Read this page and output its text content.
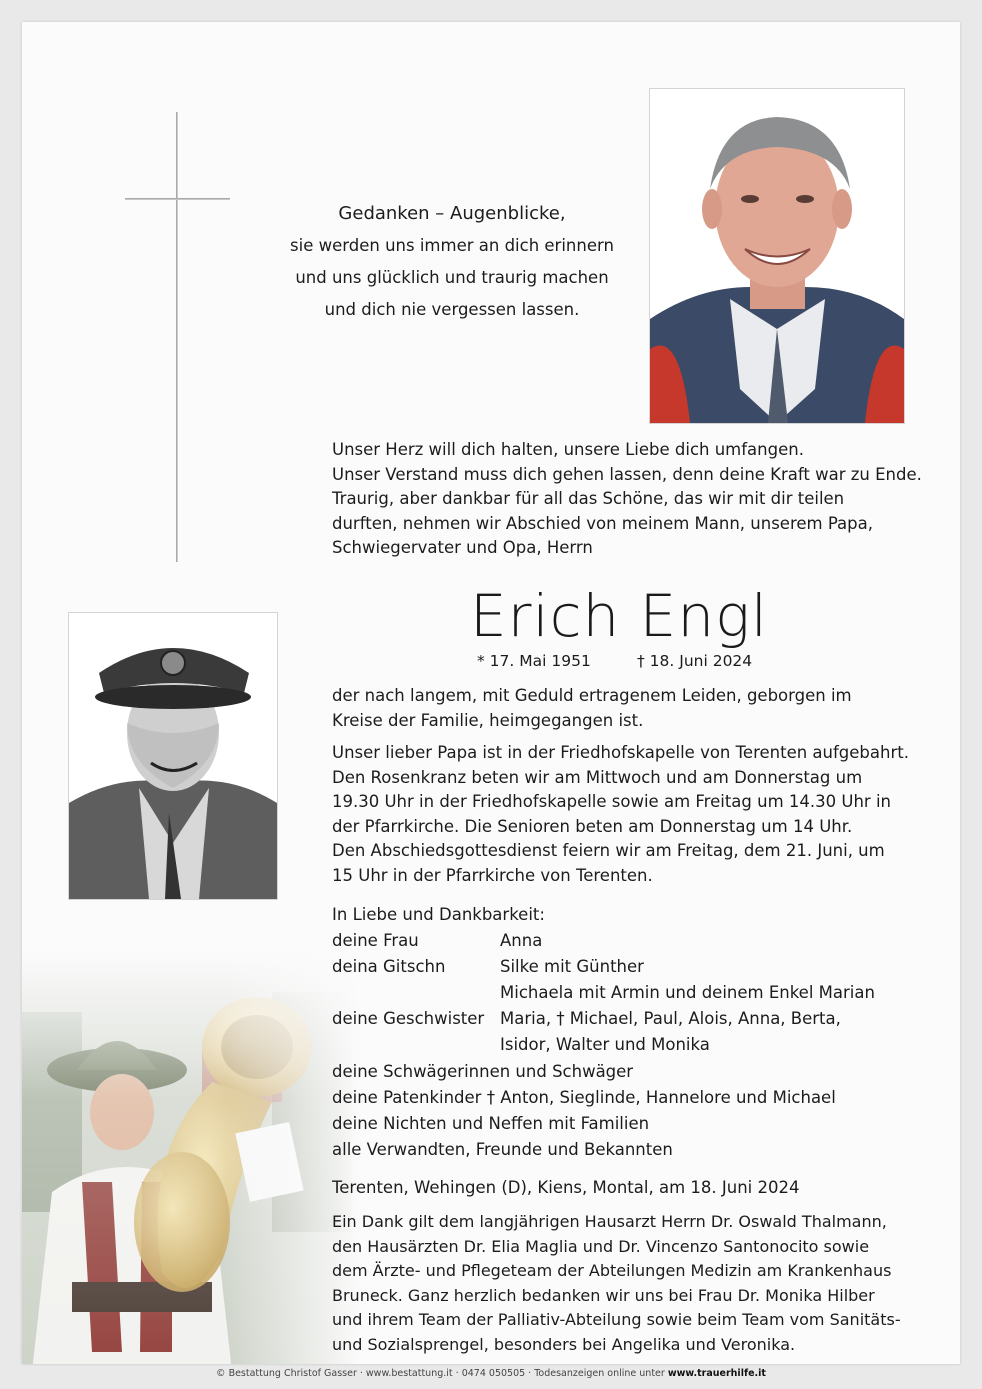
Gedanken – Augenblicke,
sie werden uns immer an dich erinnern
und uns glücklich und traurig machen
und dich nie vergessen lassen.
Unser Herz will dich halten, unsere Liebe dich umfangen.
Unser Verstand muss dich gehen lassen, denn deine Kraft war zu Ende.
Traurig, aber dankbar für all das Schöne, das wir mit dir teilen
durften, nehmen wir Abschied von meinem Mann, unserem Papa,
Schwiegervater und Opa, Herrn
Erich Engl
* 17. Mai 1951	† 18. Juni 2024
der nach langem, mit Geduld ertragenem Leiden, geborgen im
Kreise der Familie, heimgegangen ist.
Unser lieber Papa ist in der Friedhofskapelle von Terenten aufgebahrt.
Den Rosenkranz beten wir am Mittwoch und am Donnerstag um
19.30 Uhr in der Friedhofskapelle sowie am Freitag um 14.30 Uhr in
der Pfarrkirche. Die Senioren beten am Donnerstag um 14 Uhr.
Den Abschiedsgottesdienst feiern wir am Freitag, dem 21. Juni, um
15 Uhr in der Pfarrkirche von Terenten.
In Liebe und Dankbarkeit:
deine Frau	Anna
deina Gitschn	Silke mit Günther
Michaela mit Armin und deinem Enkel Marian
deine Geschwister Maria, † Michael, Paul, Alois, Anna, Berta,
Isidor, Walter und Monika
deine Schwägerinnen und Schwäger
deine Patenkinder † Anton, Sieglinde, Hannelore und Michael
deine Nichten und Neffen mit Familien
alle Verwandten, Freunde und Bekannten
Terenten, Wehingen (D), Kiens, Montal, am 18. Juni 2024
Ein Dank gilt dem langjährigen Hausarzt Herrn Dr. Oswald Thalmann,
den Hausärzten Dr. Elia Maglia und Dr. Vincenzo Santonocito sowie
dem Ärzte- und Pflegeteam der Abteilungen Medizin am Krankenhaus
Bruneck. Ganz herzlich bedanken wir uns bei Frau Dr. Monika Hilber
und ihrem Team der Palliativ-Abteilung sowie beim Team vom Sanitäts-
und Sozialsprengel, besonders bei Angelika und Veronika.
© Bestattung Christof Gasser · www.bestattung.it · 0474 050505 · Todesanzeigen online unter www.trauerhilfe.it
